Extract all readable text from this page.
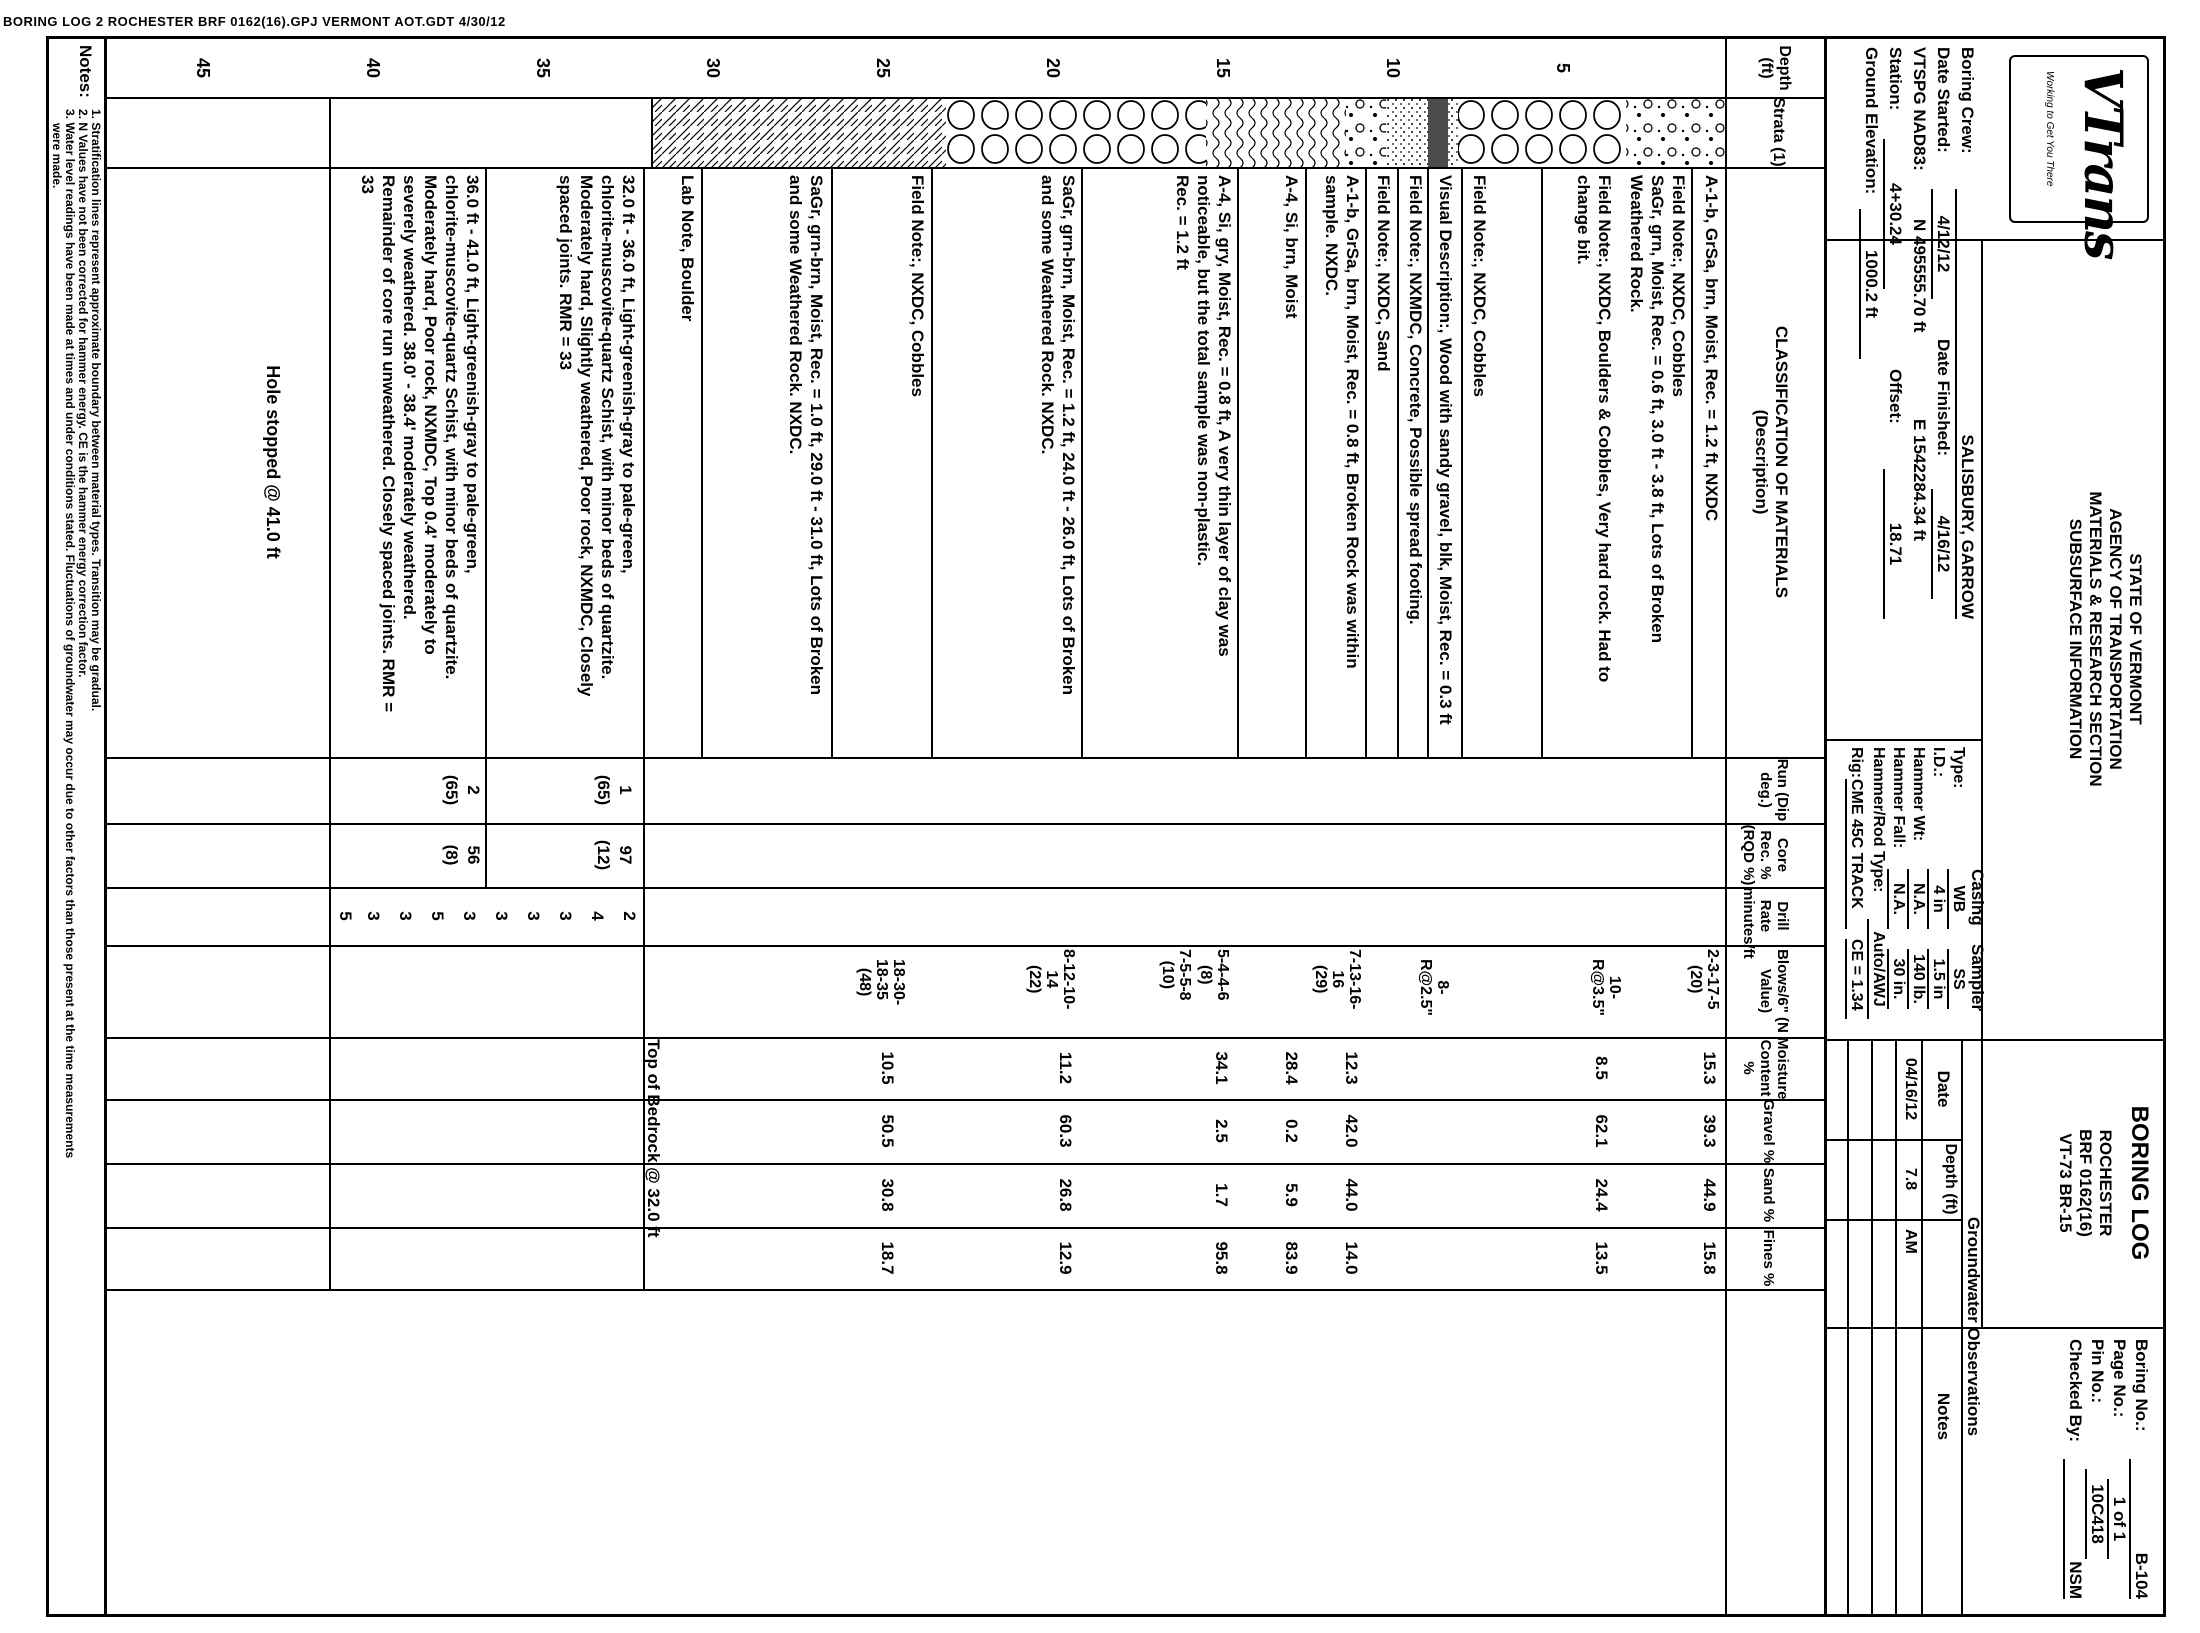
BORING LOG 2 ROCHESTER BRF 0162(16).GPJ VERMONT AOT.GDT 4/30/12
VTrans
Working to Get You There
STATE OF VERMONT
AGENCY OF TRANSPORTATION
MATERIALS & RESEARCH SECTION
SUBSURFACE INFORMATION
BORING LOG
ROCHESTER
BRF 0162(16)
VT-73 BR-15
Boring No.:
B-104
Page No.:
1 of 1
Pin No.:
10C418
Checked By:
NSM
Boring Crew:
SALISBURY, GARROW
Date Started:
4/12/12
Date Finished:
4/16/12
VTSPG NAD83:
N 495555.70 ft
E 1542284.34 ft
Station:
4+30.24
Offset:
18.71
Ground Elevation:
1000.2 ft
Casing
Sampler
Type:
WB
SS
I.D.:
4 in
1.5 in
Hammer Wt:
N.A.
140 lb.
Hammer Fall:
N.A.
30 in.
Hammer/Rod Type:
Auto/AWJ
Rig:
CME 45C TRACK
CE = 1.34
Groundwater Observations
Date
Depth (ft)
Notes
04/16/12
7.8
AM
Depth (ft)
Strata (1)
CLASSIFICATION OF MATERIALS
(Description)
Run (Dip deg.)
Core Rec. % (RQD %)
Drill Rate minutes/ft
Blows/6" (N Value)
Moisture Content %
Gravel %
Sand %
Fines %
5
10
15
20
25
30
35
40
45
A-1-b, GrSa, brn, Moist, Rec. = 1.2 ft, NXDC
Field Note:, NXDC, Cobbles
SaGr, grn, Moist, Rec. = 0.6 ft, 3.0 ft - 3.8 ft, Lots of Broken
Weathered Rock.
Field Note:, NXDC, Boulders & Cobbles, Very hard rock. Had to
change bit.
Field Note:, NXDC, Cobbles
Visual Description:, Wood with sandy gravel, blk, Moist, Rec. = 0.3 ft
Field Note:, NXMDC, Concrete, Possible spread footing.
Field Note:, NXDC, Sand
A-1-b, GrSa, brn, Moist, Rec. = 0.8 ft, Broken Rock was within
sample. NXDC.
A-4, Si, brn, Moist
A-4, Si, gry, Moist, Rec. = 0.8 ft, A very thin layer of clay was
noticeable, but the total sample was non-plastic.
Rec. = 1.2 ft
SaGr, grn-brn, Moist, Rec. = 1.2 ft, 24.0 ft - 26.0 ft, Lots of Broken
and some Weathered Rock. NXDC.
Field Note:, NXDC, Cobbles
SaGr, grn-brn, Moist, Rec. = 1.0 ft, 29.0 ft - 31.0 ft, Lots of Broken
and some Weathered Rock. NXDC.
Lab Note, Boulder
32.0 ft - 36.0 ft, Light-greenish-gray to pale-green,
chlorite-muscovite-quartz Schist, with minor beds of quartzite.
Moderately hard, Slightly weathered, Poor rock, NXMDC, Closely
spaced joints. RMR = 33
36.0 ft - 41.0 ft, Light-greenish-gray to pale-green,
chlorite-muscovite-quartz Schist, with minor beds of quartzite.
Moderately hard, Poor rock, NXMDC, Top 0.4' moderately to
severely weathered. 38.0' - 38.4' moderately weathered.
Remainder of core run unweathered. Closely spaced joints. RMR =
33
Hole stopped @ 41.0 ft
Top of Bedrock @ 32.0 ft
1
(65)
97
(12)
2
(65)
56
(8)
2
4
3
3
3
3
5
3
3
5
2-3-17-5
(20)
15.3
39.3
44.9
15.8
10-
R@3.5"
8.5
62.1
24.4
13.5
8-
R@2.5"
7-13-16-
16
(29)
12.3
42.0
44.0
14.0
28.4
0.2
5.9
83.9
5-4-4-6
(8)
34.1
2.5
1.7
95.8
7-5-5-8
(10)
8-12-10-
14
(22)
11.2
60.3
26.8
12.9
18-30-
18-35
(48)
10.5
50.5
30.8
18.7
Notes:
1. Stratification lines represent approximate boundary between material types. Transition may be gradual.
2. N Values have not been corrected for hammer energy. CE is the hammer energy correction factor.
3. Water level readings have been made at times and under conditions stated. Fluctuations of groundwater may occur due to other factors than those present at the time measurements
were made.
